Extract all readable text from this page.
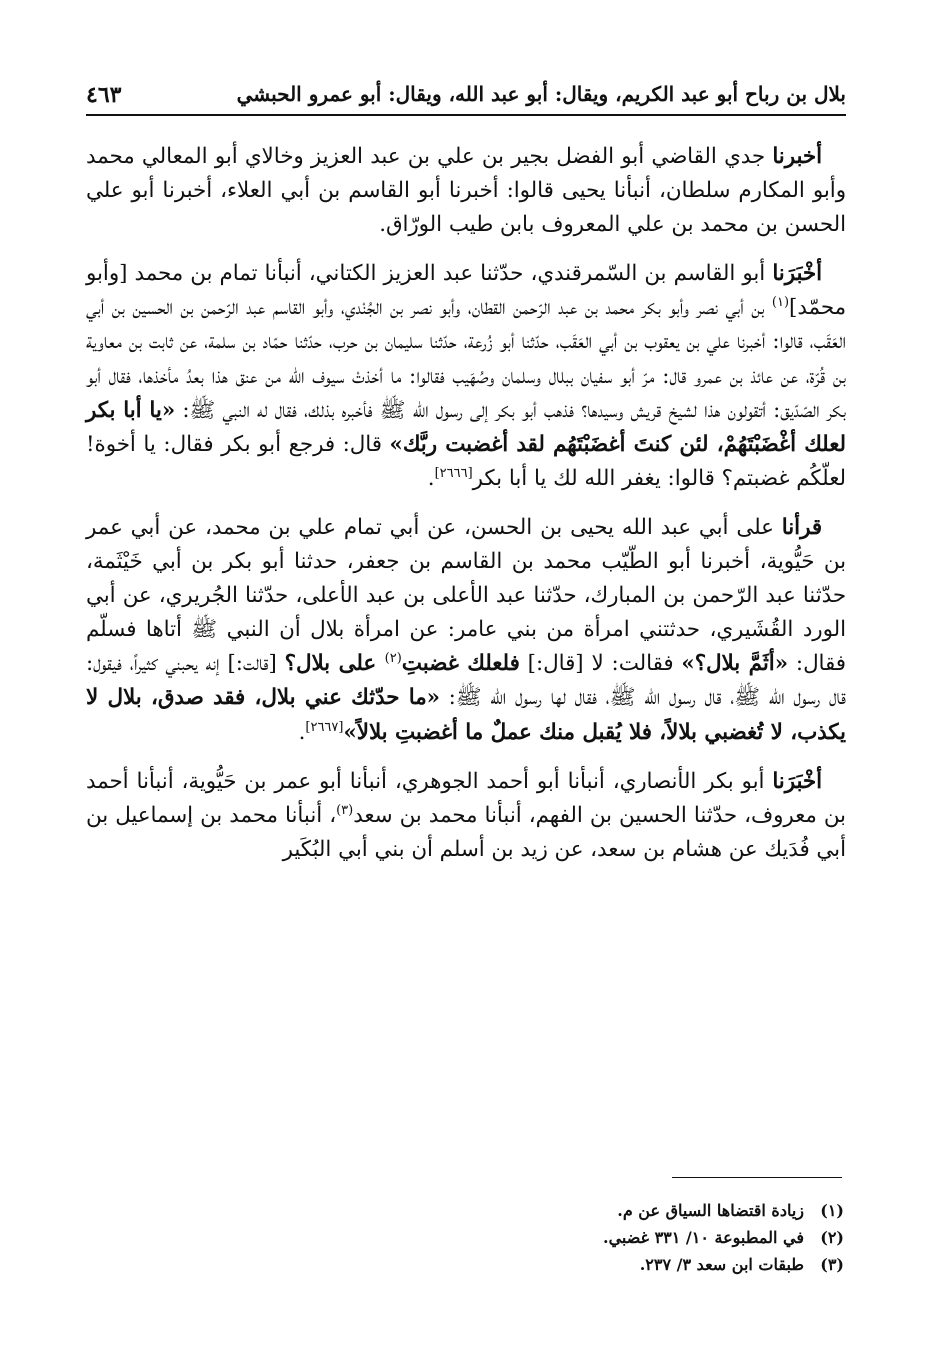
بلال بن رباح أبو عبد الكريم، ويقال: أبو عبد الله، ويقال: أبو عمرو الحبشي
٤٦٣

أخبرنا جدي القاضي أبو الفضل بجير بن علي بن عبد العزيز وخالاي أبو المعالي محمد وأبو المكارم سلطان، أنبأنا يحيى قالوا: أخبرنا أبو القاسم بن أبي العلاء، أخبرنا أبو علي الحسن بن محمد بن علي المعروف بابن طيب الورّاق.

أخْبَرَنا أبو القاسم بن السّمرقندي، حدّثنا عبد العزيز الكتاني، أنبأنا تمام بن محمد [وأبو محمّد]$^{(١)}$ بن أبي نصر وأبو بكر محمد بن عبد الرّحمن القطان، وأبو نصر بن الجُنْدي، وأبو القاسم عبد الرّحمن بن الحسين بن أبي العَقَب، قالوا: أخبرنا علي بن يعقوب بن أبي العَقَب، حدّثنا أبو زُرعة، حدّثنا سليمان بن حرب، حدّثنا حمّاد بن سلمة، عن ثابت بن معاوية بن قُرّة، عن عائذ بن عمرو قال: مرّ أبو سفيان ببلال وسلمان وصُهَيب فقالوا: ما أخذتْ سيوف الله من عنق هذا بعدُ مأخذها، فقال أبو بكر الصّدّيق: أتقولون هذا لشيخ قريش وسيدها؟ فذهب أبو بكر إلى رسول الله ﷺ فأخبره بذلك، فقال له النبي ﷺ: «يا أبا بكر لعلك أغْضَبْتَهُمْ، لئن كنتَ أغضَبْتَهُم لقد أغضبت ربَّك» قال: فرجع أبو بكر فقال: يا أخوة! لعلّكُم غضبتم؟ قالوا: يغفر الله لك يا أبا بكر[٢٦٦٦].

قرأنا على أبي عبد الله يحيى بن الحسن، عن أبي تمام علي بن محمد، عن أبي عمر بن حَيُّوية، أخبرنا أبو الطّيّب محمد بن القاسم بن جعفر، حدثنا أبو بكر بن أبي خَيْثَمة، حدّثنا عبد الرّحمن بن المبارك، حدّثنا عبد الأعلى بن عبد الأعلى، حدّثنا الجُريري، عن أبي الورد القُشَيري، حدثتني امرأة من بني عامر: عن امرأة بلال أن النبي ﷺ أتاها فسلّم فقال: «أثَمَّ بلال؟» فقالت: لا [قال:] فلعلك غضبتِ$^{(٢)}$ على بلال؟ [قالت:] إنه يحبني كثيراً، فيقول: قال رسول الله ﷺ، قال رسول الله ﷺ، فقال لها رسول الله ﷺ: «ما حدّثك عني بلال، فقد صدق، بلال لا يكذب، لا تُغضبي بلالاً، فلا يُقبل منك عملٌ ما أغضبتِ بلالاً»[٢٦٦٧].

أخْبَرَنا أبو بكر الأنصاري، أنبأنا أبو أحمد الجوهري، أنبأنا أبو عمر بن حَيُّوية، أنبأنا أحمد بن معروف، حدّثنا الحسين بن الفهم، أنبأنا محمد بن سعد$^{(٣)}$، أنبأنا محمد بن إسماعيل بن أبي فُدَيك عن هشام بن سعد، عن زيد بن أسلم أن بني أبي البُكَير

(١)زيادة اقتضاها السياق عن م.
(٢)في المطبوعة ١٠/ ٣٣١ غضبي.
(٣)طبقات ابن سعد ٣/ ٢٣٧.
